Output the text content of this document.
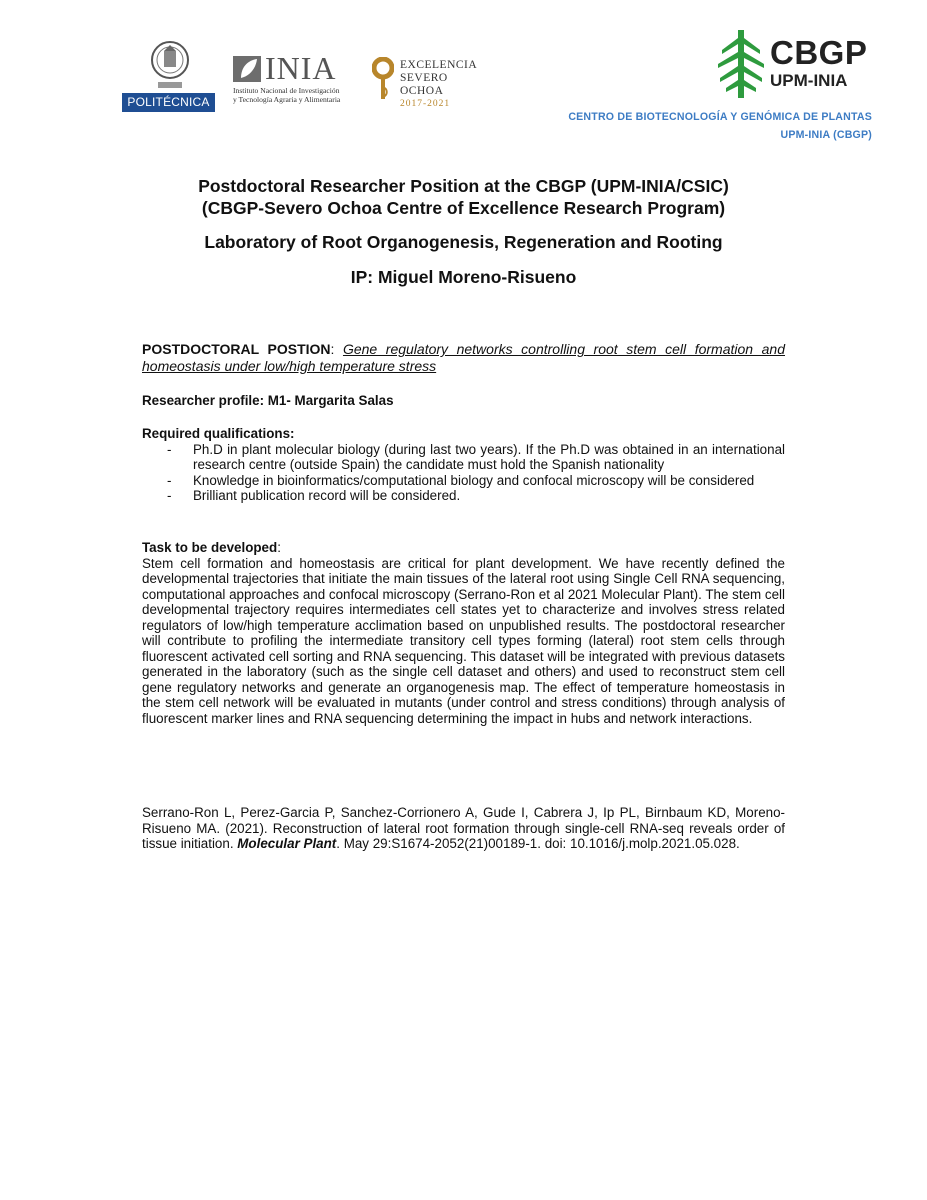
POLITÉCNICA
INIA
Instituto Nacional de Investigación
y Tecnología Agraria y Alimentaria
EXCELENCIA
SEVERO
OCHOA
2017-2021
CBGP
UPM-INIA
CENTRO DE BIOTECNOLOGÍA Y GENÓMICA DE PLANTAS
UPM-INIA (CBGP)
Postdoctoral Researcher Position at the CBGP (UPM-INIA/CSIC)
(CBGP-Severo Ochoa Centre of Excellence Research Program)
Laboratory of Root Organogenesis, Regeneration and Rooting
IP: Miguel Moreno-Risueno
POSTDOCTORAL POSTION: Gene regulatory networks controlling root stem cell formation and homeostasis under low/high temperature stress
Researcher profile: M1- Margarita Salas
Required qualifications:
- Ph.D in plant molecular biology (during last two years). If the Ph.D was obtained in an international research centre (outside Spain) the candidate must hold the Spanish nationality
- Knowledge in bioinformatics/computational biology and confocal microscopy will be considered
- Brilliant publication record will be considered.
Task to be developed:
Stem cell formation and homeostasis are critical for plant development. We have recently defined the developmental trajectories that initiate the main tissues of the lateral root using Single Cell RNA sequencing, computational approaches and confocal microscopy (Serrano-Ron et al 2021 Molecular Plant). The stem cell developmental trajectory requires intermediates cell states yet to characterize and involves stress related regulators of low/high temperature acclimation based on unpublished results. The postdoctoral researcher will contribute to profiling the intermediate transitory cell types forming (lateral) root stem cells through fluorescent activated cell sorting and RNA sequencing. This dataset will be integrated with previous datasets generated in the laboratory (such as the single cell dataset and others) and used to reconstruct stem cell gene regulatory networks and generate an organogenesis map. The effect of temperature homeostasis in the stem cell network will be evaluated in mutants (under control and stress conditions) through analysis of fluorescent marker lines and RNA sequencing determining the impact in hubs and network interactions.
Serrano-Ron L, Perez-Garcia P, Sanchez-Corrionero A, Gude I, Cabrera J, Ip PL, Birnbaum KD, Moreno-Risueno MA. (2021). Reconstruction of lateral root formation through single-cell RNA-seq reveals order of tissue initiation. Molecular Plant. May 29:S1674-2052(21)00189-1. doi: 10.1016/j.molp.2021.05.028.
